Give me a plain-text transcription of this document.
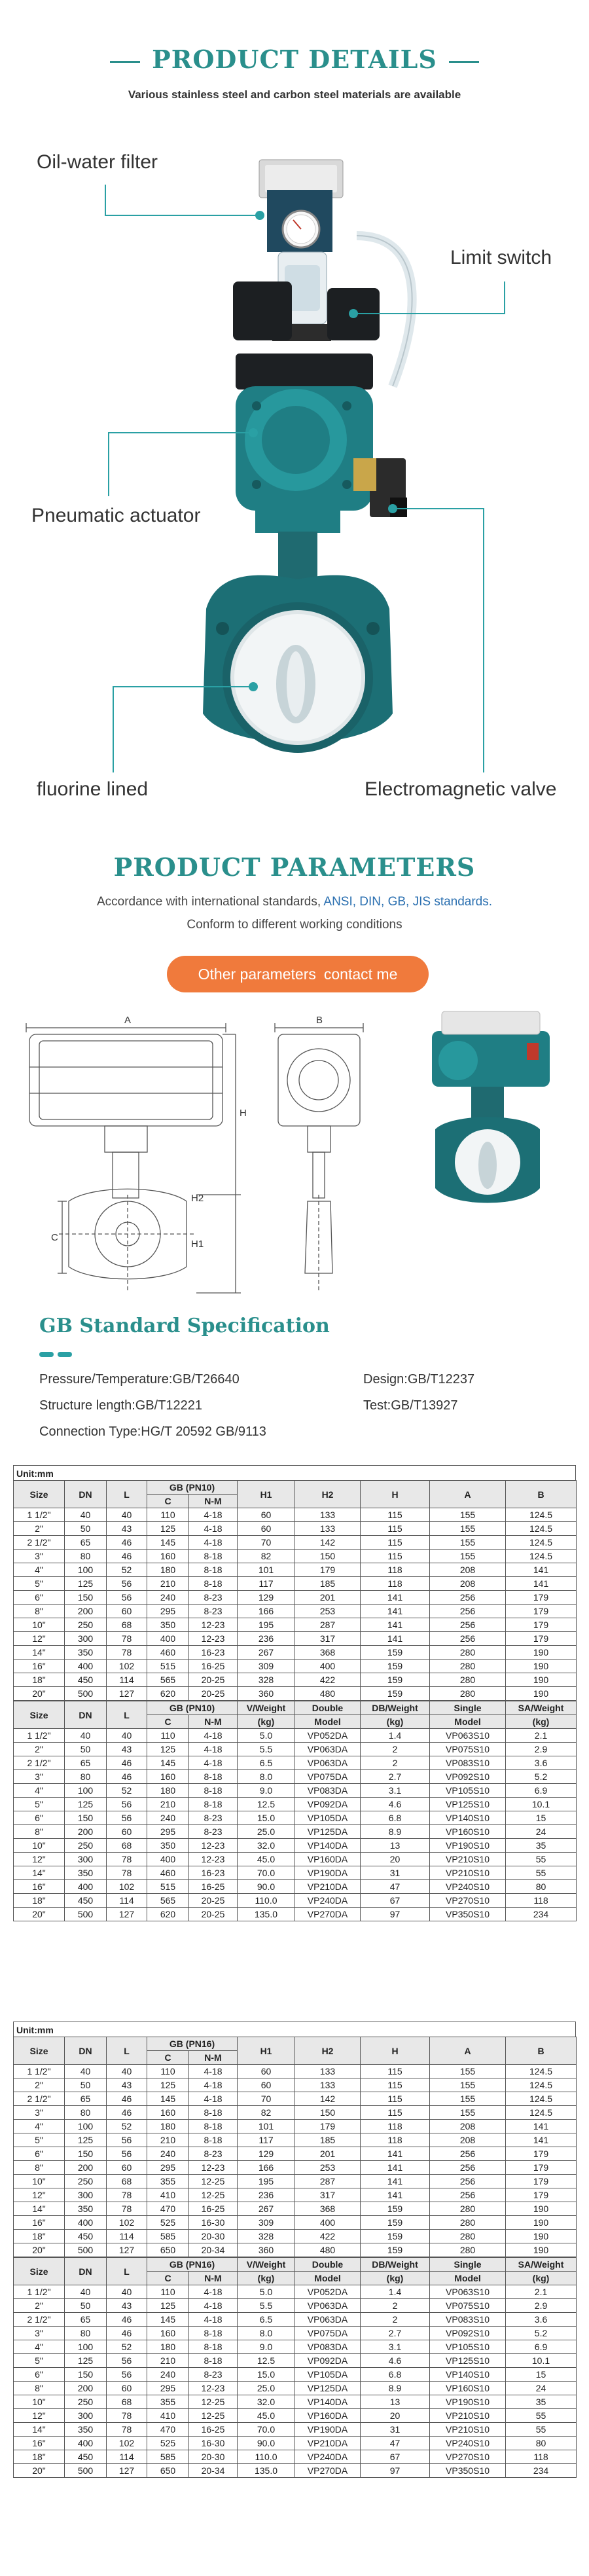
PRODUCT DETAILS
Various stainless steel and carbon steel materials are available
Oil-water filter
Limit switch
Pneumatic actuator
fluorine lined	Electromagnetic valve
PRODUCT PARAMETERS
Accordance with international standards, ANSI, DIN, GB, JIS standards.
Conform to different working conditions
Other parameters contact me
A
C
H
H2
H1
B
GB Standard Specification
Pressure/Temperature:GB/T26640	Design:GB/T12237
Structure length:GB/T12221	Test:GB/T13927
Connection Type:HG/T 20592 GB/9113
Unit:mm
Size	DN	L	GB (PN10)		H1	H2	H	A	B
			C	N-M					
1 1/2"	40	40	110	4-18	60	133	115	155	124.5
2"	50	43	125	4-18	60	133	115	155	124.5
2 1/2"	65	46	145	4-18	70	142	115	155	124.5
3"	80	46	160	8-18	82	150	115	155	124.5
4"	100	52	180	8-18	101	179	118	208	141
5"	125	56	210	8-18	117	185	118	208	141
6"	150	56	240	8-23	129	201	141	256	179
8"	200	60	295	8-23	166	253	141	256	179
10"	250	68	350	12-23	195	287	141	256	179
12"	300	78	400	12-23	236	317	141	256	179
14"	350	78	460	16-23	267	368	159	280	190
16"	400	102	515	16-25	309	400	159	280	190
18"	450	114	565	20-25	328	422	159	280	190
20"	500	127	620	20-25	360	480	159	280	190
Size	DN	L	GB (PN10)		V/Weight	Double	DB/Weight	Single	SA/Weight
			C	N-M	(kg)	Model	(kg)	Model	(kg)
1 1/2"	40	40	110	4-18	5.0	VP052DA	1.4	VP063S10	2.1
2"	50	43	125	4-18	5.5	VP063DA	2	VP075S10	2.9
2 1/2"	65	46	145	4-18	6.5	VP063DA	2	VP083S10	3.6
3"	80	46	160	8-18	8.0	VP075DA	2.7	VP092S10	5.2
4"	100	52	180	8-18	9.0	VP083DA	3.1	VP105S10	6.9
5"	125	56	210	8-18	12.5	VP092DA	4.6	VP125S10	10.1
6"	150	56	240	8-23	15.0	VP105DA	6.8	VP140S10	15
8"	200	60	295	8-23	25.0	VP125DA	8.9	VP160S10	24
10"	250	68	350	12-23	32.0	VP140DA	13	VP190S10	35
12"	300	78	400	12-23	45.0	VP160DA	20	VP210S10	55
14"	350	78	460	16-23	70.0	VP190DA	31	VP210S10	55
16"	400	102	515	16-25	90.0	VP210DA	47	VP240S10	80
18"	450	114	565	20-25	110.0	VP240DA	67	VP270S10	118
20"	500	127	620	20-25	135.0	VP270DA	97	VP350S10	234
Unit:mm
Size	DN	L	GB (PN16)		H1	H2	H	A	B
			C	N-M					
1 1/2"	40	40	110	4-18	60	133	115	155	124.5
2"	50	43	125	4-18	60	133	115	155	124.5
2 1/2"	65	46	145	4-18	70	142	115	155	124.5
3"	80	46	160	8-18	82	150	115	155	124.5
4"	100	52	180	8-18	101	179	118	208	141
5"	125	56	210	8-18	117	185	118	208	141
6"	150	56	240	8-23	129	201	141	256	179
8"	200	60	295	12-23	166	253	141	256	179
10"	250	68	355	12-25	195	287	141	256	179
12"	300	78	410	12-25	236	317	141	256	179
14"	350	78	470	16-25	267	368	159	280	190
16"	400	102	525	16-30	309	400	159	280	190
18"	450	114	585	20-30	328	422	159	280	190
20"	500	127	650	20-34	360	480	159	280	190
Size	DN	L	GB (PN16)		V/Weight	Double	DB/Weight	Single	SA/Weight
			C	N-M	(kg)	Model	(kg)	Model	(kg)
1 1/2"	40	40	110	4-18	5.0	VP052DA	1.4	VP063S10	2.1
2"	50	43	125	4-18	5.5	VP063DA	2	VP075S10	2.9
2 1/2"	65	46	145	4-18	6.5	VP063DA	2	VP083S10	3.6
3"	80	46	160	8-18	8.0	VP075DA	2.7	VP092S10	5.2
4"	100	52	180	8-18	9.0	VP083DA	3.1	VP105S10	6.9
5"	125	56	210	8-18	12.5	VP092DA	4.6	VP125S10	10.1
6"	150	56	240	8-23	15.0	VP105DA	6.8	VP140S10	15
8"	200	60	295	12-23	25.0	VP125DA	8.9	VP160S10	24
10"	250	68	355	12-25	32.0	VP140DA	13	VP190S10	35
12"	300	78	410	12-25	45.0	VP160DA	20	VP210S10	55
14"	350	78	470	16-25	70.0	VP190DA	31	VP210S10	55
16"	400	102	525	16-30	90.0	VP210DA	47	VP240S10	80
18"	450	114	585	20-30	110.0	VP240DA	67	VP270S10	118
20"	500	127	650	20-34	135.0	VP270DA	97	VP350S10	234
